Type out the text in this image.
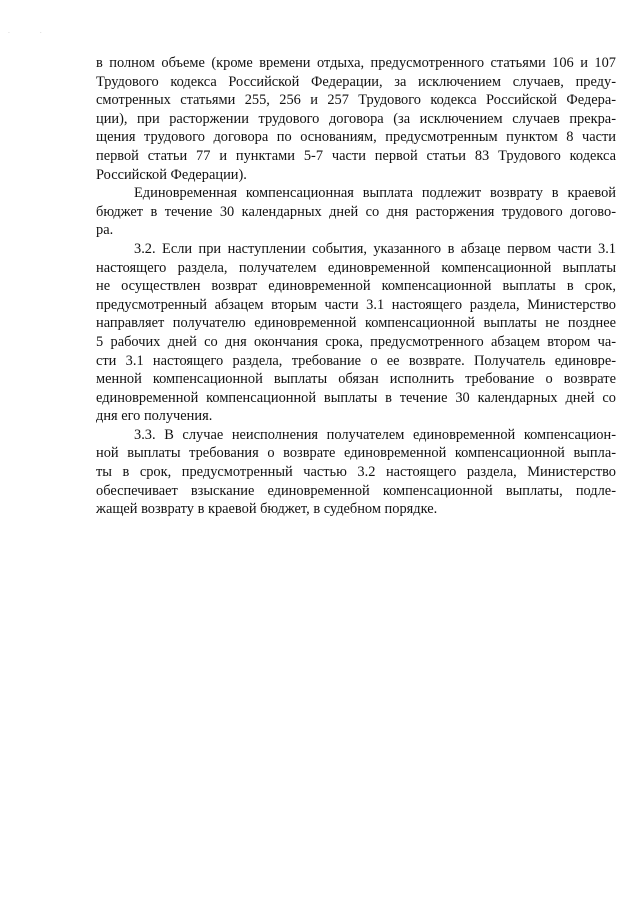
· ·
в полном объеме (кроме времени отдыха, предусмотренного статьями 106 и 107
Трудового кодекса Российской Федерации, за исключением случаев, преду-
смотренных статьями 255, 256 и 257 Трудового кодекса Российской Федера-
ции), при расторжении трудового договора (за исключением случаев прекра-
щения трудового договора по основаниям, предусмотренным пунктом 8 части
первой статьи 77 и пунктами 5-7 части первой статьи 83 Трудового кодекса
Российской Федерации).
Единовременная компенсационная выплата подлежит возврату в краевой
бюджет в течение 30 календарных дней со дня расторжения трудового догово-
ра.
3.2. Если при наступлении события, указанного в абзаце первом части 3.1
настоящего раздела, получателем единовременной компенсационной выплаты
не осуществлен возврат единовременной компенсационной выплаты в срок,
предусмотренный абзацем вторым части 3.1 настоящего раздела, Министерство
направляет получателю единовременной компенсационной выплаты не позднее
5 рабочих дней со дня окончания срока, предусмотренного абзацем втором ча-
сти 3.1 настоящего раздела, требование о ее возврате. Получатель единовре-
менной компенсационной выплаты обязан исполнить требование о возврате
единовременной компенсационной выплаты в течение 30 календарных дней со
дня его получения.
3.3. В случае неисполнения получателем единовременной компенсацион-
ной выплаты требования о возврате единовременной компенсационной выпла-
ты в срок, предусмотренный частью 3.2 настоящего раздела, Министерство
обеспечивает взыскание единовременной компенсационной выплаты, подле-
жащей возврату в краевой бюджет, в судебном порядке.
